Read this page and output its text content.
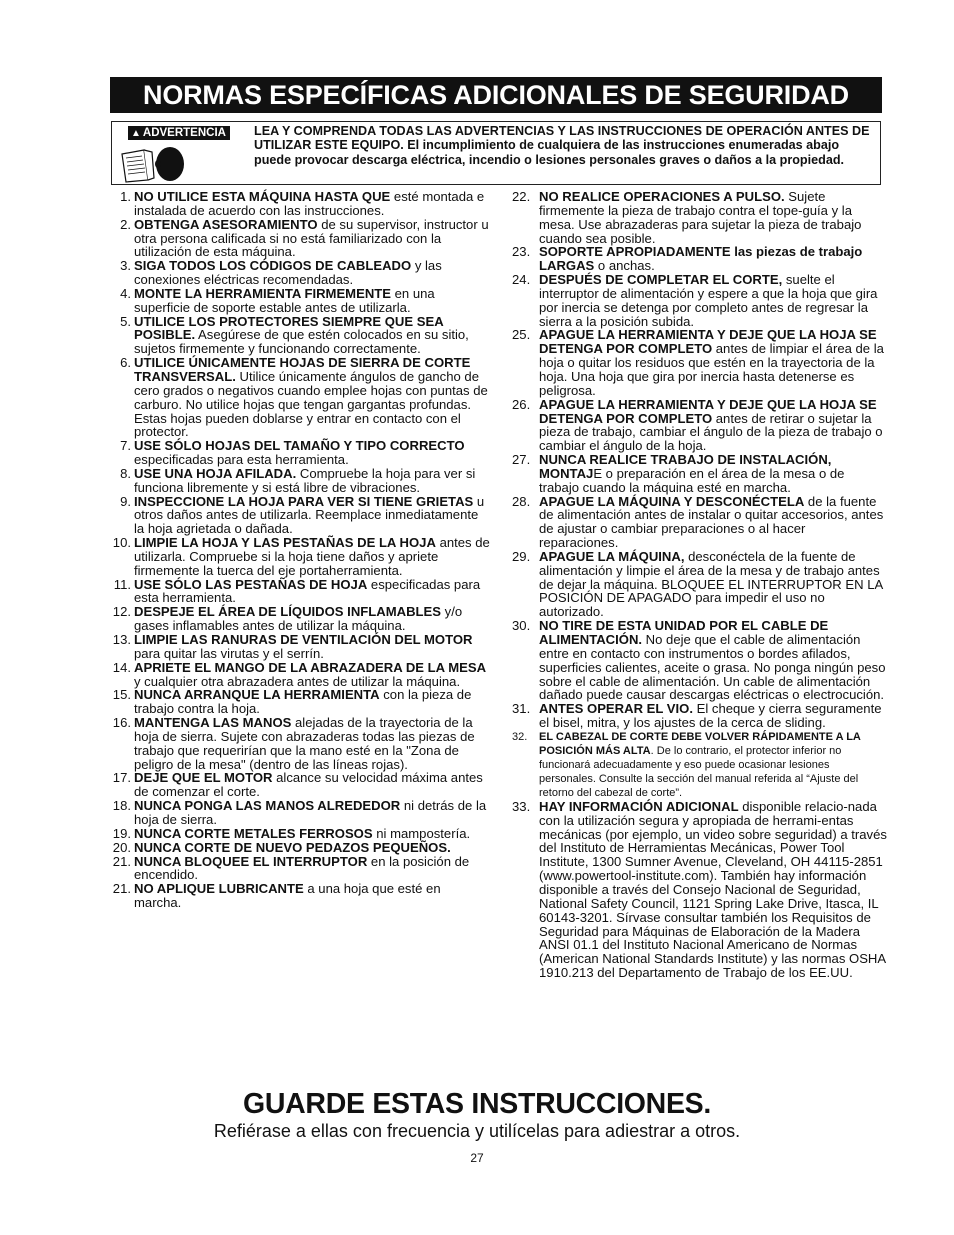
NORMAS ESPECÍFICAS ADICIONALES DE SEGURIDAD
▲ ADVERTENCIA LEA Y COMPRENDA TODAS LAS ADVERTENCIAS Y LAS INSTRUCCIONES DE OPERACIÓN ANTES DE UTILIZAR ESTE EQUIPO. El incumplimiento de cualquiera de las instrucciones enumeradas abajo puede provocar descarga eléctrica, incendio o lesiones personales graves o daños a la propiedad.
1. NO UTILICE ESTA MÁQUINA HASTA QUE esté montada e instalada de acuerdo con las instrucciones.
2. OBTENGA ASESORAMIENTO de su supervisor, instructor u otra persona calificada si no está familiarizado con la utilización de esta máquina.
3. SIGA TODOS LOS CÓDIGOS DE CABLEADO y las conexiones eléctricas recomendadas.
4. MONTE LA HERRAMIENTA FIRMEMENTE en una superficie de soporte estable antes de utilizarla.
5. UTILICE LOS PROTECTORES SIEMPRE QUE SEA POSIBLE. Asegúrese de que estén colocados en su sitio, sujetos firmemente y funcionando correctamente.
6. UTILICE ÚNICAMENTE HOJAS DE SIERRA DE CORTE TRANSVERSAL. Utilice únicamente ángulos de gancho de cero grados o negativos cuando emplee hojas con puntas de carburo. No utilice hojas que tengan gargantas profundas. Estas hojas pueden doblarse y entrar en contacto con el protector.
7. USE SÓLO HOJAS DEL TAMAÑO Y TIPO CORRECTO especificadas para esta herramienta.
8. USE UNA HOJA AFILADA. Compruebe la hoja para ver si funciona libremente y si está libre de vibraciones.
9. INSPECCIONE LA HOJA PARA VER SI TIENE GRIETAS u otros daños antes de utilizarla. Reemplace inmediatamente la hoja agrietada o dañada.
10. LIMPIE LA HOJA Y LAS PESTAÑAS DE LA HOJA antes de utilizarla. Compruebe si la hoja tiene daños y apriete firmemente la tuerca del eje portaherramienta.
11. USE SÓLO LAS PESTAÑAS DE HOJA especificadas para esta herramienta.
12. DESPEJE EL ÁREA DE LÍQUIDOS INFLAMABLES y/o gases inflamables antes de utilizar la máquina.
13. LIMPIE LAS RANURAS DE VENTILACIÓN DEL MOTOR para quitar las virutas y el serrín.
14. APRIETE EL MANGO DE LA ABRAZADERA DE LA MESA y cualquier otra abrazadera antes de utilizar la máquina.
15. NUNCA ARRANQUE LA HERRAMIENTA con la pieza de trabajo contra la hoja.
16. MANTENGA LAS MANOS alejadas de la trayectoria de la hoja de sierra. Sujete con abrazaderas todas las piezas de trabajo que requerirían que la mano esté en la "Zona de peligro de la mesa" (dentro de las líneas rojas).
17. DEJE QUE EL MOTOR alcance su velocidad máxima antes de comenzar el corte.
18. NUNCA PONGA LAS MANOS ALREDEDOR ni detrás de la hoja de sierra.
19. NUNCA CORTE METALES FERROSOS ni mampostería.
20. NUNCA CORTE DE NUEVO PEDAZOS PEQUEÑOS.
21. NUNCA BLOQUEE EL INTERRUPTOR en la posición de encendido.
21. NO APLIQUE LUBRICANTE a una hoja que esté en marcha.
22. NO REALICE OPERACIONES A PULSO. Sujete firmemente la pieza de trabajo contra el tope-guía y la mesa. Use abrazaderas para sujetar la pieza de trabajo cuando sea posible.
23. SOPORTE APROPIADAMENTE las piezas de trabajo LARGAS o anchas.
24. DESPUÉS DE COMPLETAR EL CORTE, suelte el interruptor de alimentación y espere a que la hoja que gira por inercia se detenga por completo antes de regresar la sierra a la posición subida.
25. APAGUE LA HERRAMIENTA Y DEJE QUE LA HOJA SE DETENGA POR COMPLETO antes de limpiar el área de la hoja o quitar los residuos que estén en la trayectoria de la hoja. Una hoja que gira por inercia hasta detenerse es peligrosa.
26. APAGUE LA HERRAMIENTA Y DEJE QUE LA HOJA SE DETENGA POR COMPLETO antes de retirar o sujetar la pieza de trabajo, cambiar el ángulo de la pieza de trabajo o cambiar el ángulo de la hoja.
27. NUNCA REALICE TRABAJO DE INSTALACIÓN, MONTAJE o preparación en el área de la mesa o de trabajo cuando la máquina esté en marcha.
28. APAGUE LA MÁQUINA Y DESCONÉCTELA de la fuente de alimentación antes de instalar o quitar accesorios, antes de ajustar o cambiar preparaciones o al hacer reparaciones.
29. APAGUE LA MÁQUINA, desconéctela de la fuente de alimentación y limpie el área de la mesa y de trabajo antes de dejar la máquina. BLOQUEE EL INTERRUPTOR EN LA POSICIÓN DE APAGADO para impedir el uso no autorizado.
30. NO TIRE DE ESTA UNIDAD POR EL CABLE DE ALIMENTACIÓN. No deje que el cable de alimentación entre en contacto con instrumentos o bordes afilados, superficies calientes, aceite o grasa. No ponga ningún peso sobre el cable de alimentación. Un cable de alimentación dañado puede causar descargas eléctricas o electrocución.
31. ANTES OPERAR EL VIO. El cheque y cierra seguramente el bisel, mitra, y los ajustes de la cerca de sliding.
32.	EL CABEZAL DE CORTE DEBE VOLVER RÁPIDAMENTE A LA POSICIÓN MÁS ALTA. De lo contrario, el protector inferior no funcionará adecuadamente y eso puede ocasionar lesiones personales. Consulte la sección del manual referida al “Ajuste del retorno del cabezal de corte”.
33. HAY INFORMACIÓN ADICIONAL disponible relacio-nada con la utilización segura y apropiada de herrami-entas mecánicas (por ejemplo, un video sobre seguridad) a través del Instituto de Herramientas Mecánicas, Power Tool Institute, 1300 Sumner Avenue, Cleveland, OH 44115-2851 (www.powertool-institute.com). También hay información disponible a través del Consejo Nacional de Seguridad, National Safety Council, 1121 Spring Lake Drive, Itasca, IL 60143-3201. Sírvase consultar también los Requisitos de Seguridad para Máquinas de Elaboración de la Madera ANSI 01.1 del Instituto Nacional Americano de Normas (American National Standards Institute) y las normas OSHA 1910.213 del Departamento de Trabajo de los EE.UU.
GUARDE ESTAS INSTRUCCIONES.
Refiérase a ellas con frecuencia y utilícelas para adiestrar a otros.
27
